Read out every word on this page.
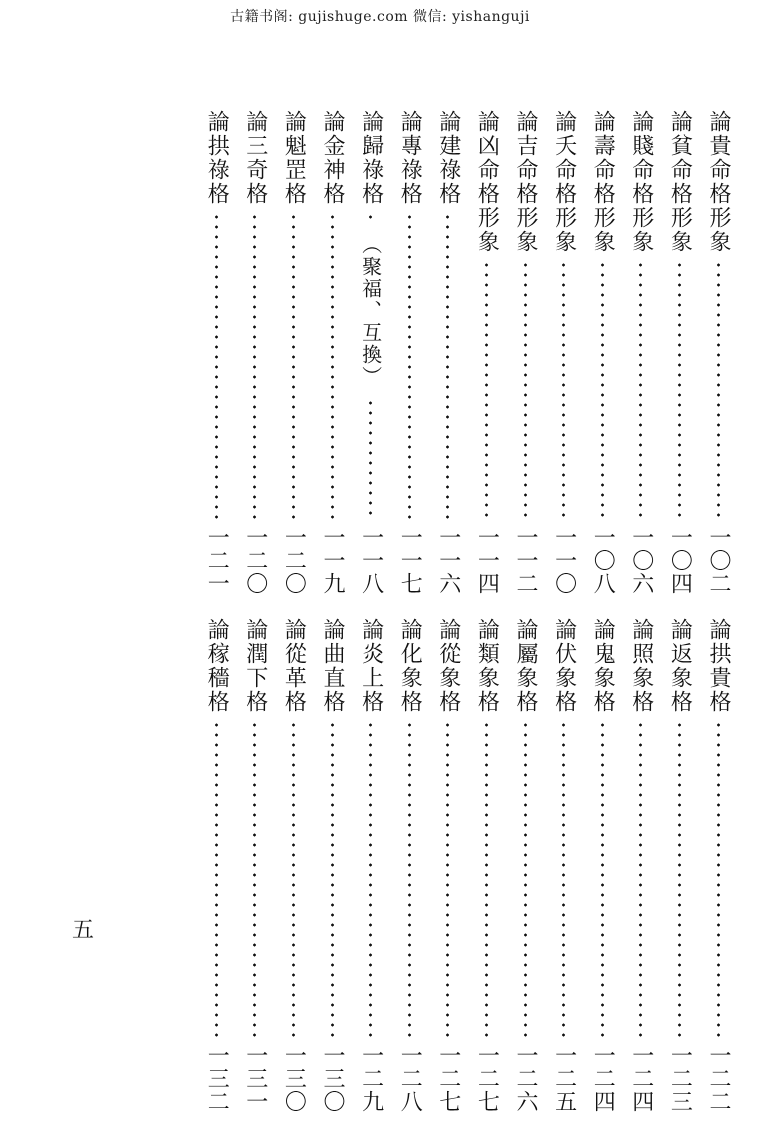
古籍书阁: gujishuge.com 微信: yishanguji
論貴命格形象
一〇二
論貧命格形象
一〇四
論賤命格形象
一〇六
論壽命格形象
一〇八
論夭命格形象
一一〇
論吉命格形象
一一二
論凶命格形象
一一四
論建祿格
一一六
論專祿格
一一七
論歸祿格
（聚福、互換）
一一八
論金神格
一一九
論魁罡格
一二〇
論三奇格
一二〇
論拱祿格
一二一
論拱貴格
一二二
論返象格
一二三
論照象格
一二四
論鬼象格
一二四
論伏象格
一二五
論屬象格
一二六
論類象格
一二七
論從象格
一二七
論化象格
一二八
論炎上格
一二九
論曲直格
一三〇
論從革格
一三〇
論潤下格
一三一
論稼穡格
一三二
五
